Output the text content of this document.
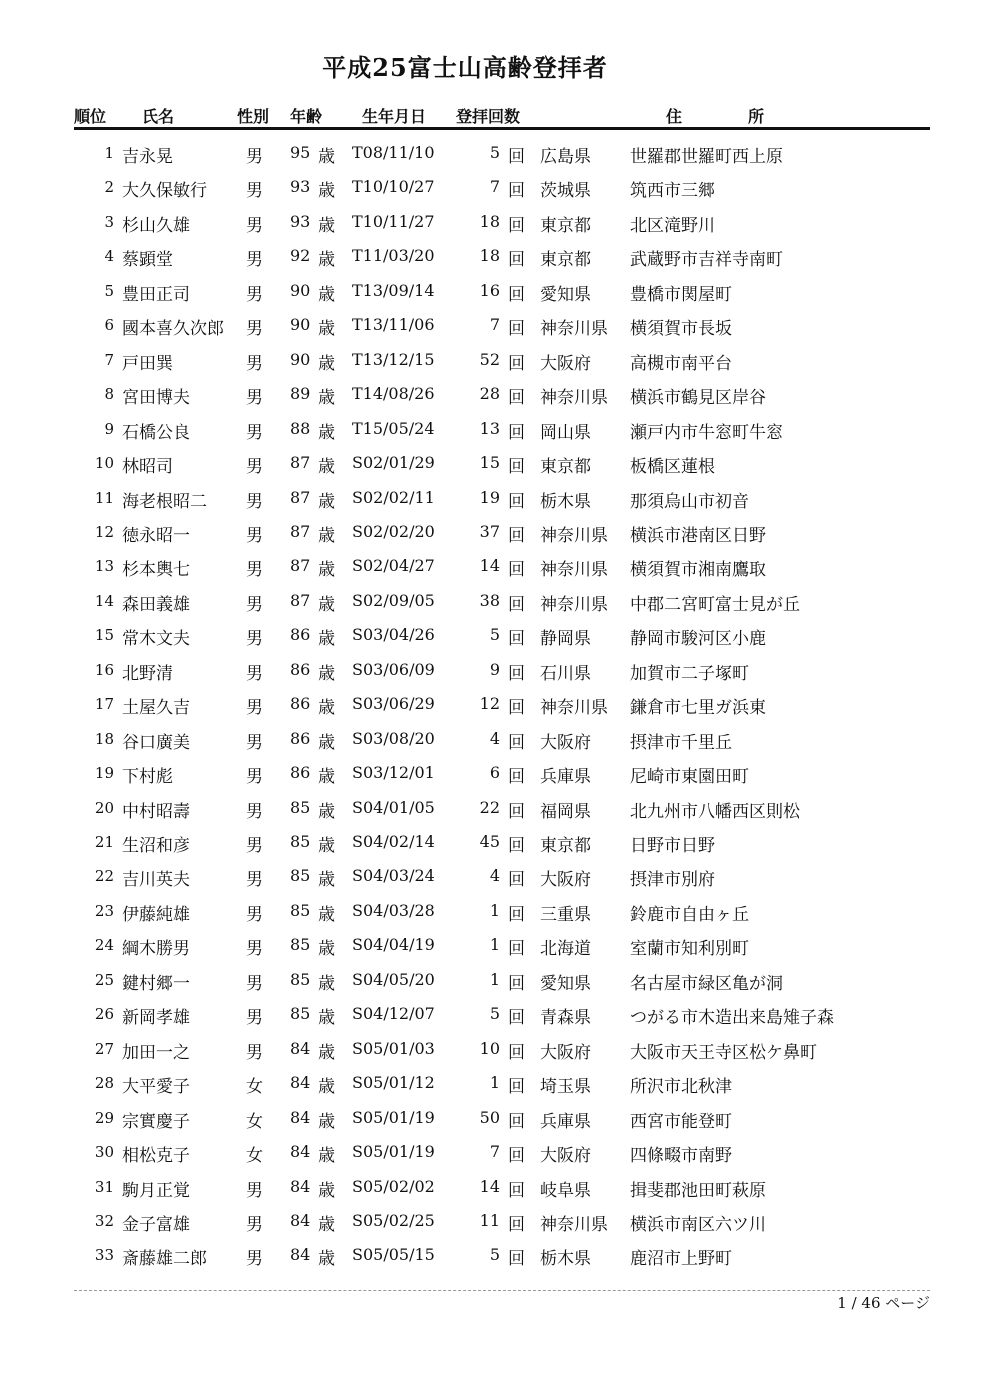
平成25富士山高齢登拝者
順位 氏名	性別 年齢 生年月日 登拝回数	住	所
1 吉永晃	男 95 歳 T08/11/10	5 回 広島県 世羅郡世羅町西上原
2 大久保敏行 男 93 歳 T10/10/27	7 回 茨城県 筑西市三郷
3 杉山久雄	男 93 歳 T10/11/27	18 回 東京都 北区滝野川
4 蔡顕堂	男 92 歳 T11/03/20	18 回 東京都 武蔵野市吉祥寺南町
5 豊田正司	男 90 歳 T13/09/14	16 回 愛知県 豊橋市関屋町
6 國本喜久次郎 男 90 歳 T13/11/06	7 回 神奈川県 横須賀市長坂
7 戸田巽	男 90 歳 T13/12/15	52 回 大阪府 高槻市南平台
8 宮田博夫	男 89 歳 T14/08/26	28 回 神奈川県 横浜市鶴見区岸谷
9 石橋公良	男 88 歳 T15/05/24	13 回 岡山県 瀬戸内市牛窓町牛窓
10 林昭司	男 87 歳 S02/01/29	15 回 東京都 板橋区蓮根
11 海老根昭二 男 87 歳 S02/02/11	19 回 栃木県 那須烏山市初音
12 徳永昭一	男 87 歳 S02/02/20	37 回 神奈川県 横浜市港南区日野
13 杉本輿七	男 87 歳 S02/04/27	14 回 神奈川県 横須賀市湘南鷹取
14 森田義雄	男 87 歳 S02/09/05	38 回 神奈川県 中郡二宮町富士見が丘
15 常木文夫	男 86 歳 S03/04/26	5 回 静岡県 静岡市駿河区小鹿
16 北野清	男 86 歳 S03/06/09	9 回 石川県 加賀市二子塚町
17 土屋久吉	男 86 歳 S03/06/29	12 回 神奈川県 鎌倉市七里ガ浜東
18 谷口廣美	男 86 歳 S03/08/20	4 回 大阪府 摂津市千里丘
19 下村彪	男 86 歳 S03/12/01	6 回 兵庫県 尼崎市東園田町
20 中村昭壽	男 85 歳 S04/01/05	22 回 福岡県 北九州市八幡西区則松
21 生沼和彦	男 85 歳 S04/02/14	45 回 東京都 日野市日野
22 吉川英夫	男 85 歳 S04/03/24	4 回 大阪府 摂津市別府
23 伊藤純雄	男 85 歳 S04/03/28	1 回 三重県 鈴鹿市自由ヶ丘
24 綱木勝男	男 85 歳 S04/04/19	1 回 北海道 室蘭市知利別町
25 鍵村郷一	男 85 歳 S04/05/20	1 回 愛知県 名古屋市緑区亀が洞
26 新岡孝雄	男 85 歳 S04/12/07	5 回 青森県 つがる市木造出来島雉子森
27 加田一之	男 84 歳 S05/01/03	10 回 大阪府 大阪市天王寺区松ケ鼻町
28 大平愛子	女 84 歳 S05/01/12	1 回 埼玉県 所沢市北秋津
29 宗實慶子	女 84 歳 S05/01/19	50 回 兵庫県 西宮市能登町
30 相松克子	女 84 歳 S05/01/19	7 回 大阪府 四條畷市南野
31 駒月正覚	男 84 歳 S05/02/02	14 回 岐阜県 揖斐郡池田町萩原
32 金子富雄	男 84 歳 S05/02/25	11 回 神奈川県 横浜市南区六ツ川
33 斎藤雄二郎 男 84 歳 S05/05/15	5 回 栃木県 鹿沼市上野町
1 / 46 ページ
